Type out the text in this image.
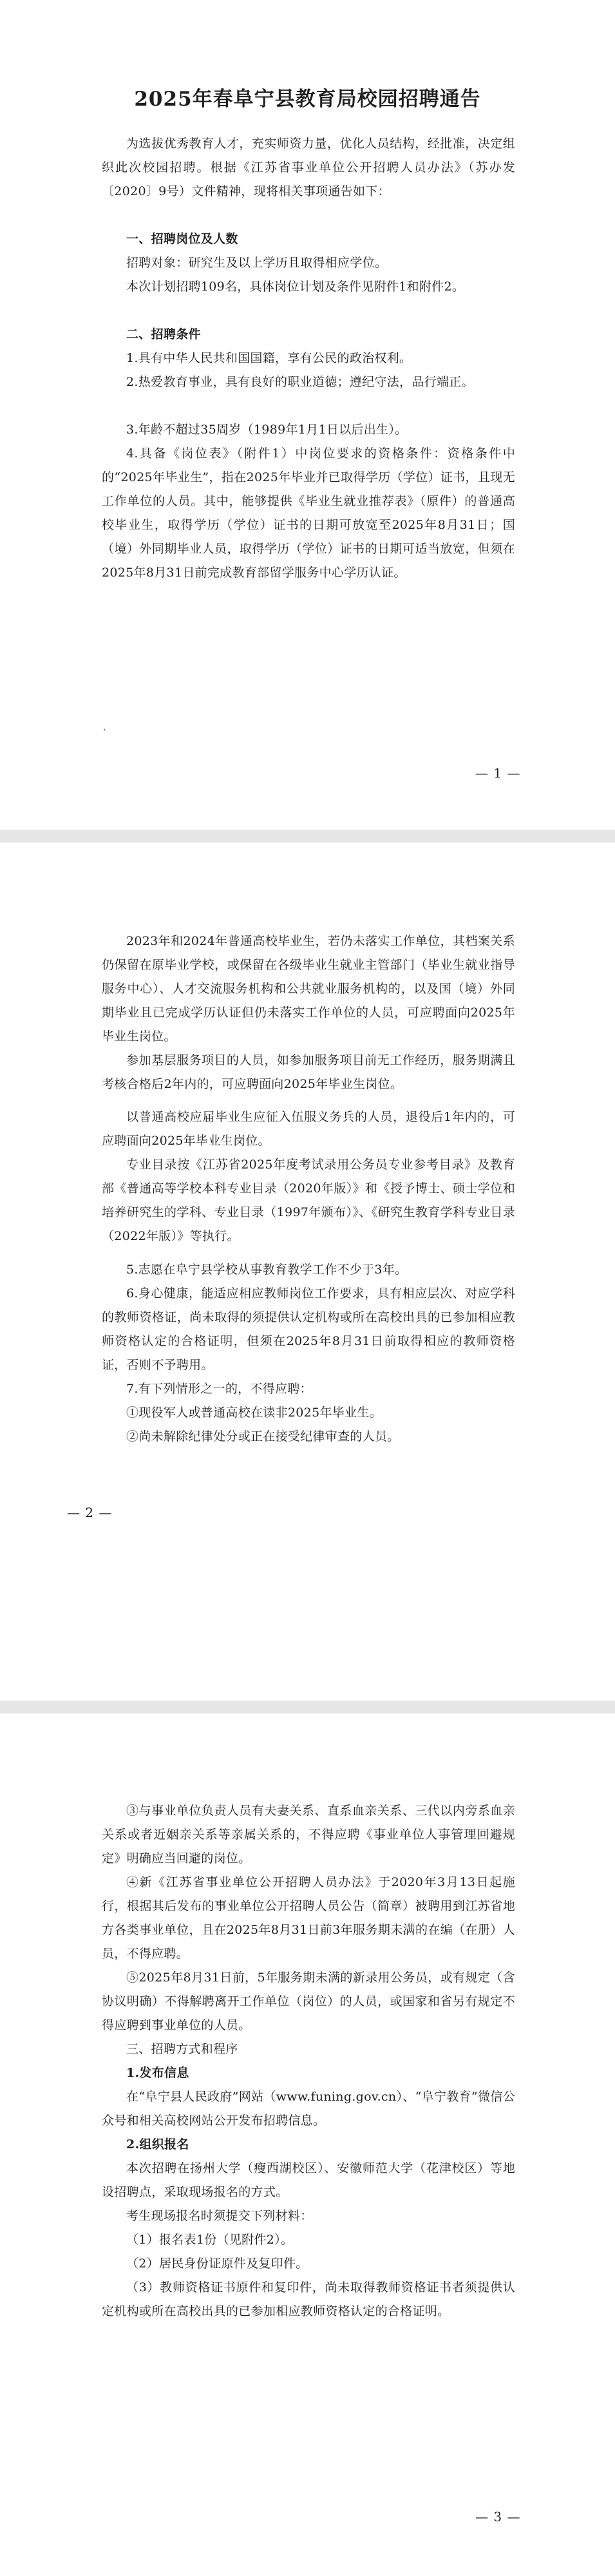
2025年春阜宁县教育局校园招聘通告

为选拔优秀教育人才，充实师资力量，优化人员结构，经批准，决定组织此次校园招聘。根据《江苏省事业单位公开招聘人员办法》（苏办发〔2020〕9号）文件精神，现将相关事项通告如下：

一、招聘岗位及人数

招聘对象：研究生及以上学历且取得相应学位。

本次计划招聘109名，具体岗位计划及条件见附件1和附件2。

二、招聘条件

1.具有中华人民共和国国籍，享有公民的政治权利。

2.热爱教育事业，具有良好的职业道德；遵纪守法，品行端正。

3.年龄不超过35周岁（1989年1月1日以后出生）。

4.具备《岗位表》（附件1）中岗位要求的资格条件：资格条件中的“2025年毕业生”，指在2025年毕业并已取得学历（学位）证书，且现无工作单位的人员。其中，能够提供《毕业生就业推荐表》（原件）的普通高校毕业生，取得学历（学位）证书的日期可放宽至2025年8月31日；国（境）外同期毕业人员，取得学历（学位）证书的日期可适当放宽，但须在2025年8月31日前完成教育部留学服务中心学历认证。

，
— 1 —

2023年和2024年普通高校毕业生，若仍未落实工作单位，其档案关系仍保留在原毕业学校，或保留在各级毕业生就业主管部门（毕业生就业指导服务中心）、人才交流服务机构和公共就业服务机构的，以及国（境）外同期毕业且已完成学历认证但仍未落实工作单位的人员，可应聘面向2025年毕业生岗位。

参加基层服务项目的人员，如参加服务项目前无工作经历，服务期满且考核合格后2年内的，可应聘面向2025年毕业生岗位。

以普通高校应届毕业生应征入伍服义务兵的人员，退役后1年内的，可应聘面向2025年毕业生岗位。

专业目录按《江苏省2025年度考试录用公务员专业参考目录》及教育部《普通高等学校本科专业目录（2020年版）》和《授予博士、硕士学位和培养研究生的学科、专业目录（1997年颁布）》、《研究生教育学科专业目录（2022年版）》等执行。

5.志愿在阜宁县学校从事教育教学工作不少于3年。

6.身心健康，能适应相应教师岗位工作要求，具有相应层次、对应学科的教师资格证，尚未取得的须提供认定机构或所在高校出具的已参加相应教师资格认定的合格证明，但须在2025年8月31日前取得相应的教师资格证，否则不予聘用。

7.有下列情形之一的，不得应聘：

①现役军人或普通高校在读非2025年毕业生。

②尚未解除纪律处分或正在接受纪律审查的人员。

— 2 —

③与事业单位负责人员有夫妻关系、直系血亲关系、三代以内旁系血亲关系或者近姻亲关系等亲属关系的，不得应聘《事业单位人事管理回避规定》明确应当回避的岗位。

④新《江苏省事业单位公开招聘人员办法》于2020年3月13日起施行，根据其后发布的事业单位公开招聘人员公告（简章）被聘用到江苏省地方各类事业单位，且在2025年8月31日前3年服务期未满的在编（在册）人员，不得应聘。

⑤2025年8月31日前，5年服务期未满的新录用公务员，或有规定（含协议明确）不得解聘离开工作单位（岗位）的人员，或国家和省另有规定不得应聘到事业单位的人员。

三、招聘方式和程序

1.发布信息

在“阜宁县人民政府”网站（www.funing.gov.cn）、“阜宁教育”微信公众号和相关高校网站公开发布招聘信息。

2.组织报名

本次招聘在扬州大学（瘦西湖校区）、安徽师范大学（花津校区）等地设招聘点，采取现场报名的方式。

考生现场报名时须提交下列材料：

（1）报名表1份（见附件2）。

（2）居民身份证原件及复印件。

（3）教师资格证书原件和复印件，尚未取得教师资格证书者须提供认定机构或所在高校出具的已参加相应教师资格认定的合格证明。

— 3 —
